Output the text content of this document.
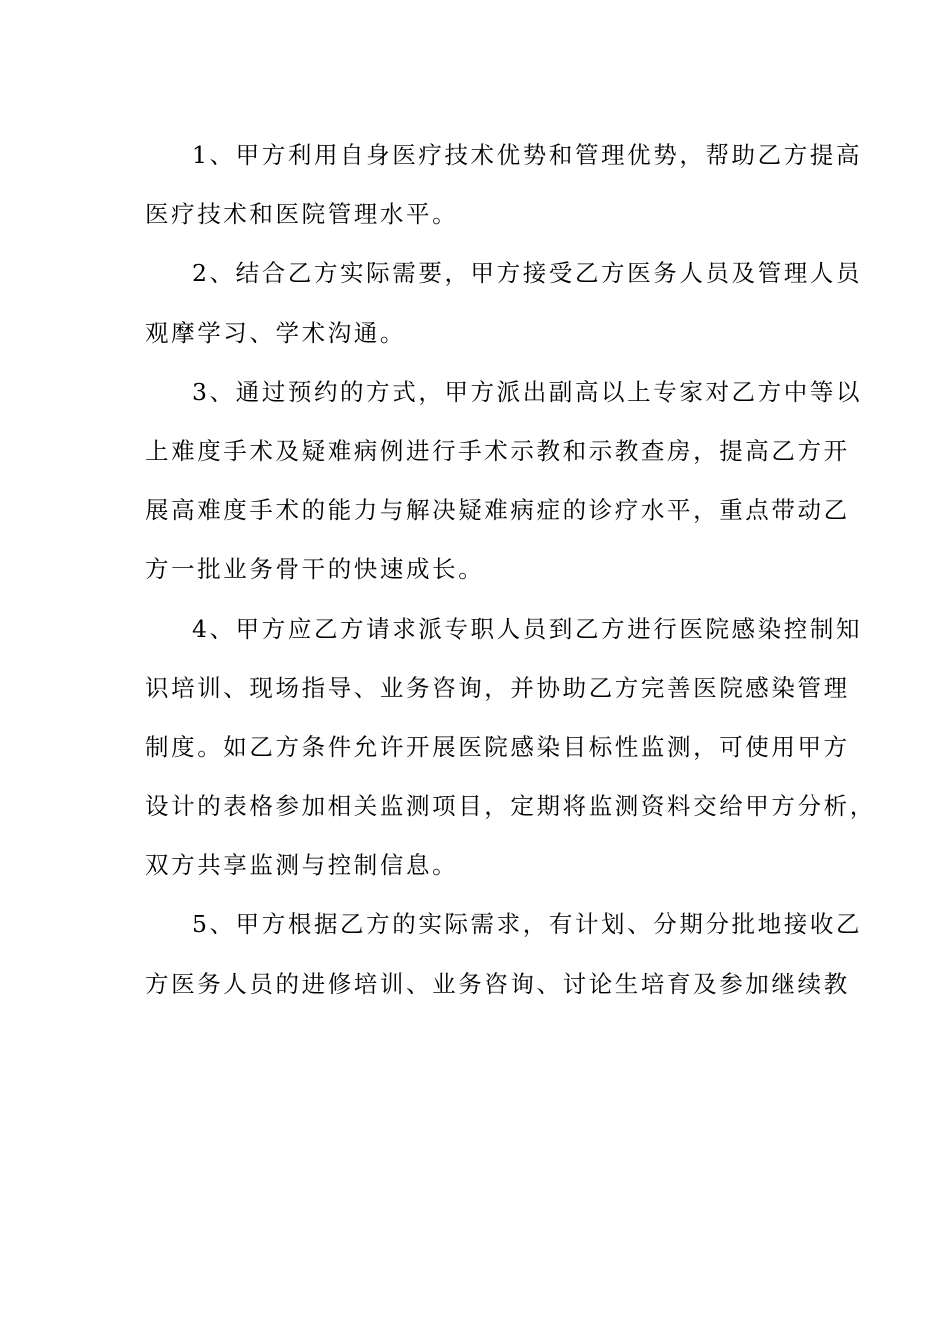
1、甲方利用自身医疗技术优势和管理优势，帮助乙方提高
医疗技术和医院管理水平。
2、结合乙方实际需要，甲方接受乙方医务人员及管理人员
观摩学习、学术沟通。
3、通过预约的方式，甲方派出副高以上专家对乙方中等以
上难度手术及疑难病例进行手术示教和示教查房，提高乙方开
展高难度手术的能力与解决疑难病症的诊疗水平，重点带动乙
方一批业务骨干的快速成长。
4、甲方应乙方请求派专职人员到乙方进行医院感染控制知
识培训、现场指导、业务咨询，并协助乙方完善医院感染管理
制度。如乙方条件允许开展医院感染目标性监测，可使用甲方
设计的表格参加相关监测项目，定期将监测资料交给甲方分析，
双方共享监测与控制信息。
5、甲方根据乙方的实际需求，有计划、分期分批地接收乙
方医务人员的进修培训、业务咨询、讨论生培育及参加继续教
